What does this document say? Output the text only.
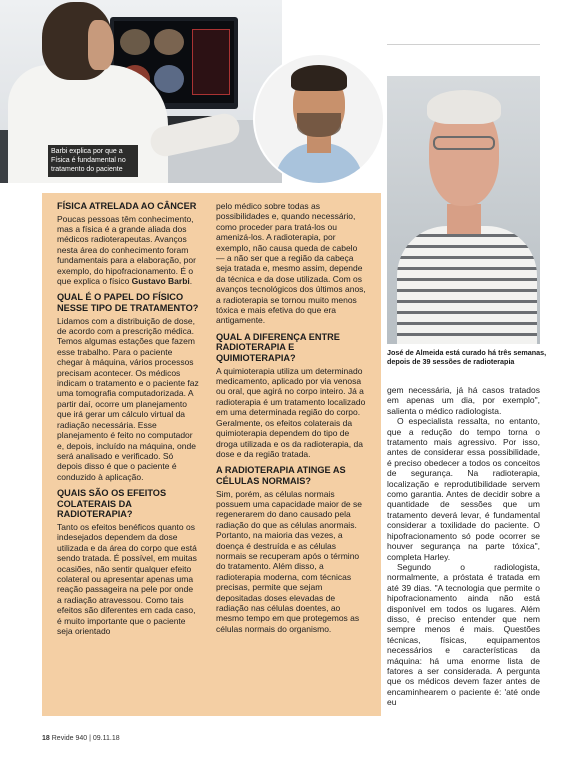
Barbi explica por que a Física é fundamental no tratamento do paciente
José de Almeida está curado há três semanas, depois de 39 sessões de radioterapia
FÍSICA ATRELADA AO CÂNCER

Poucas pessoas têm conhecimento, mas a física é a grande aliada dos médicos radioterapeutas. Avanços nesta área do conhecimento foram fundamentais para a elaboração, por exemplo, do hipofracionamento. É o que explica o físico Gustavo Barbi.

QUAL É O PAPEL DO FÍSICO NESSE TIPO DE TRATAMENTO?

Lidamos com a distribuição de dose, de acordo com a prescrição médica. Temos algumas estações que fazem esse trabalho. Para o paciente chegar à máquina, vários processos precisam acontecer. Os médicos indicam o tratamento e o paciente faz uma tomografia computadorizada. A partir daí, ocorre um planejamento que irá gerar um cálculo virtual da radiação necessária. Esse planejamento é feito no computador e, depois, incluído na máquina, onde será analisado e verificado. Só depois disso é que o paciente é conduzido à aplicação.

QUAIS SÃO OS EFEITOS COLATERAIS DA RADIOTERAPIA?

Tanto os efeitos benéficos quanto os indesejados dependem da dose utilizada e da área do corpo que está sendo tratada. É possível, em muitas ocasiões, não sentir qualquer efeito colateral ou apresentar apenas uma reação passageira na pele por onde a radiação atravessou. Como tais efeitos são diferentes em cada caso, é muito importante que o paciente seja orientado

pelo médico sobre todas as possibilidades e, quando necessário, como proceder para tratá-los ou amenizá-los. A radioterapia, por exemplo, não causa queda de cabelo — a não ser que a região da cabeça seja tratada e, mesmo assim, depende da técnica e da dose utilizada. Com os avanços tecnológicos dos últimos anos, a radioterapia se tornou muito menos tóxica e mais efetiva do que era antigamente.

QUAL A DIFERENÇA ENTRE RADIOTERAPIA E QUIMIOTERAPIA?

A quimioterapia utiliza um determinado medicamento, aplicado por via venosa ou oral, que agirá no corpo inteiro. Já a radioterapia é um tratamento localizado em uma determinada região do corpo. Geralmente, os efeitos colaterais da quimioterapia dependem do tipo de droga utilizada e os da radioterapia, da dose e da região tratada.

A RADIOTERAPIA ATINGE AS CÉLULAS NORMAIS?

Sim, porém, as células normais possuem uma capacidade maior de se regenerarem do dano causado pela radiação do que as células anormais. Portanto, na maioria das vezes, a doença é destruída e as células normais se recuperam após o término do tratamento. Além disso, a radioterapia moderna, com técnicas precisas, permite que sejam depositadas doses elevadas de radiação nas células doentes, ao mesmo tempo em que protegemos as células normais do organismo.

gem necessária, já há casos tratados em apenas um dia, por exemplo", salienta o médico radiologista.

O especialista ressalta, no entanto, que a redução do tempo torna o tratamento mais agressivo. Por isso, antes de considerar essa possibilidade, é preciso obedecer a todos os conceitos de segurança. Na radioterapia, localização e reprodutibilidade servem como garantia. Antes de decidir sobre a quantidade de sessões que um tratamento deverá levar, é fundamental considerar a toxilidade do paciente. O hipofracionamento só pode ocorrer se houver segurança na parte tóxica", completa Harley.

Segundo o radiologista, normalmente, a próstata é tratada em até 39 dias. "A tecnologia que permite o hipofracionamento ainda não está disponível em todos os lugares. Além disso, é preciso entender que nem sempre menos é mais. Questões técnicas, físicas, equipamentos necessários e características da máquina: há uma enorme lista de fatores a ser considerada. A pergunta que os médicos devem fazer antes de encaminhearem o paciente é: 'até onde eu

18 Revide 940 | 09.11.18
